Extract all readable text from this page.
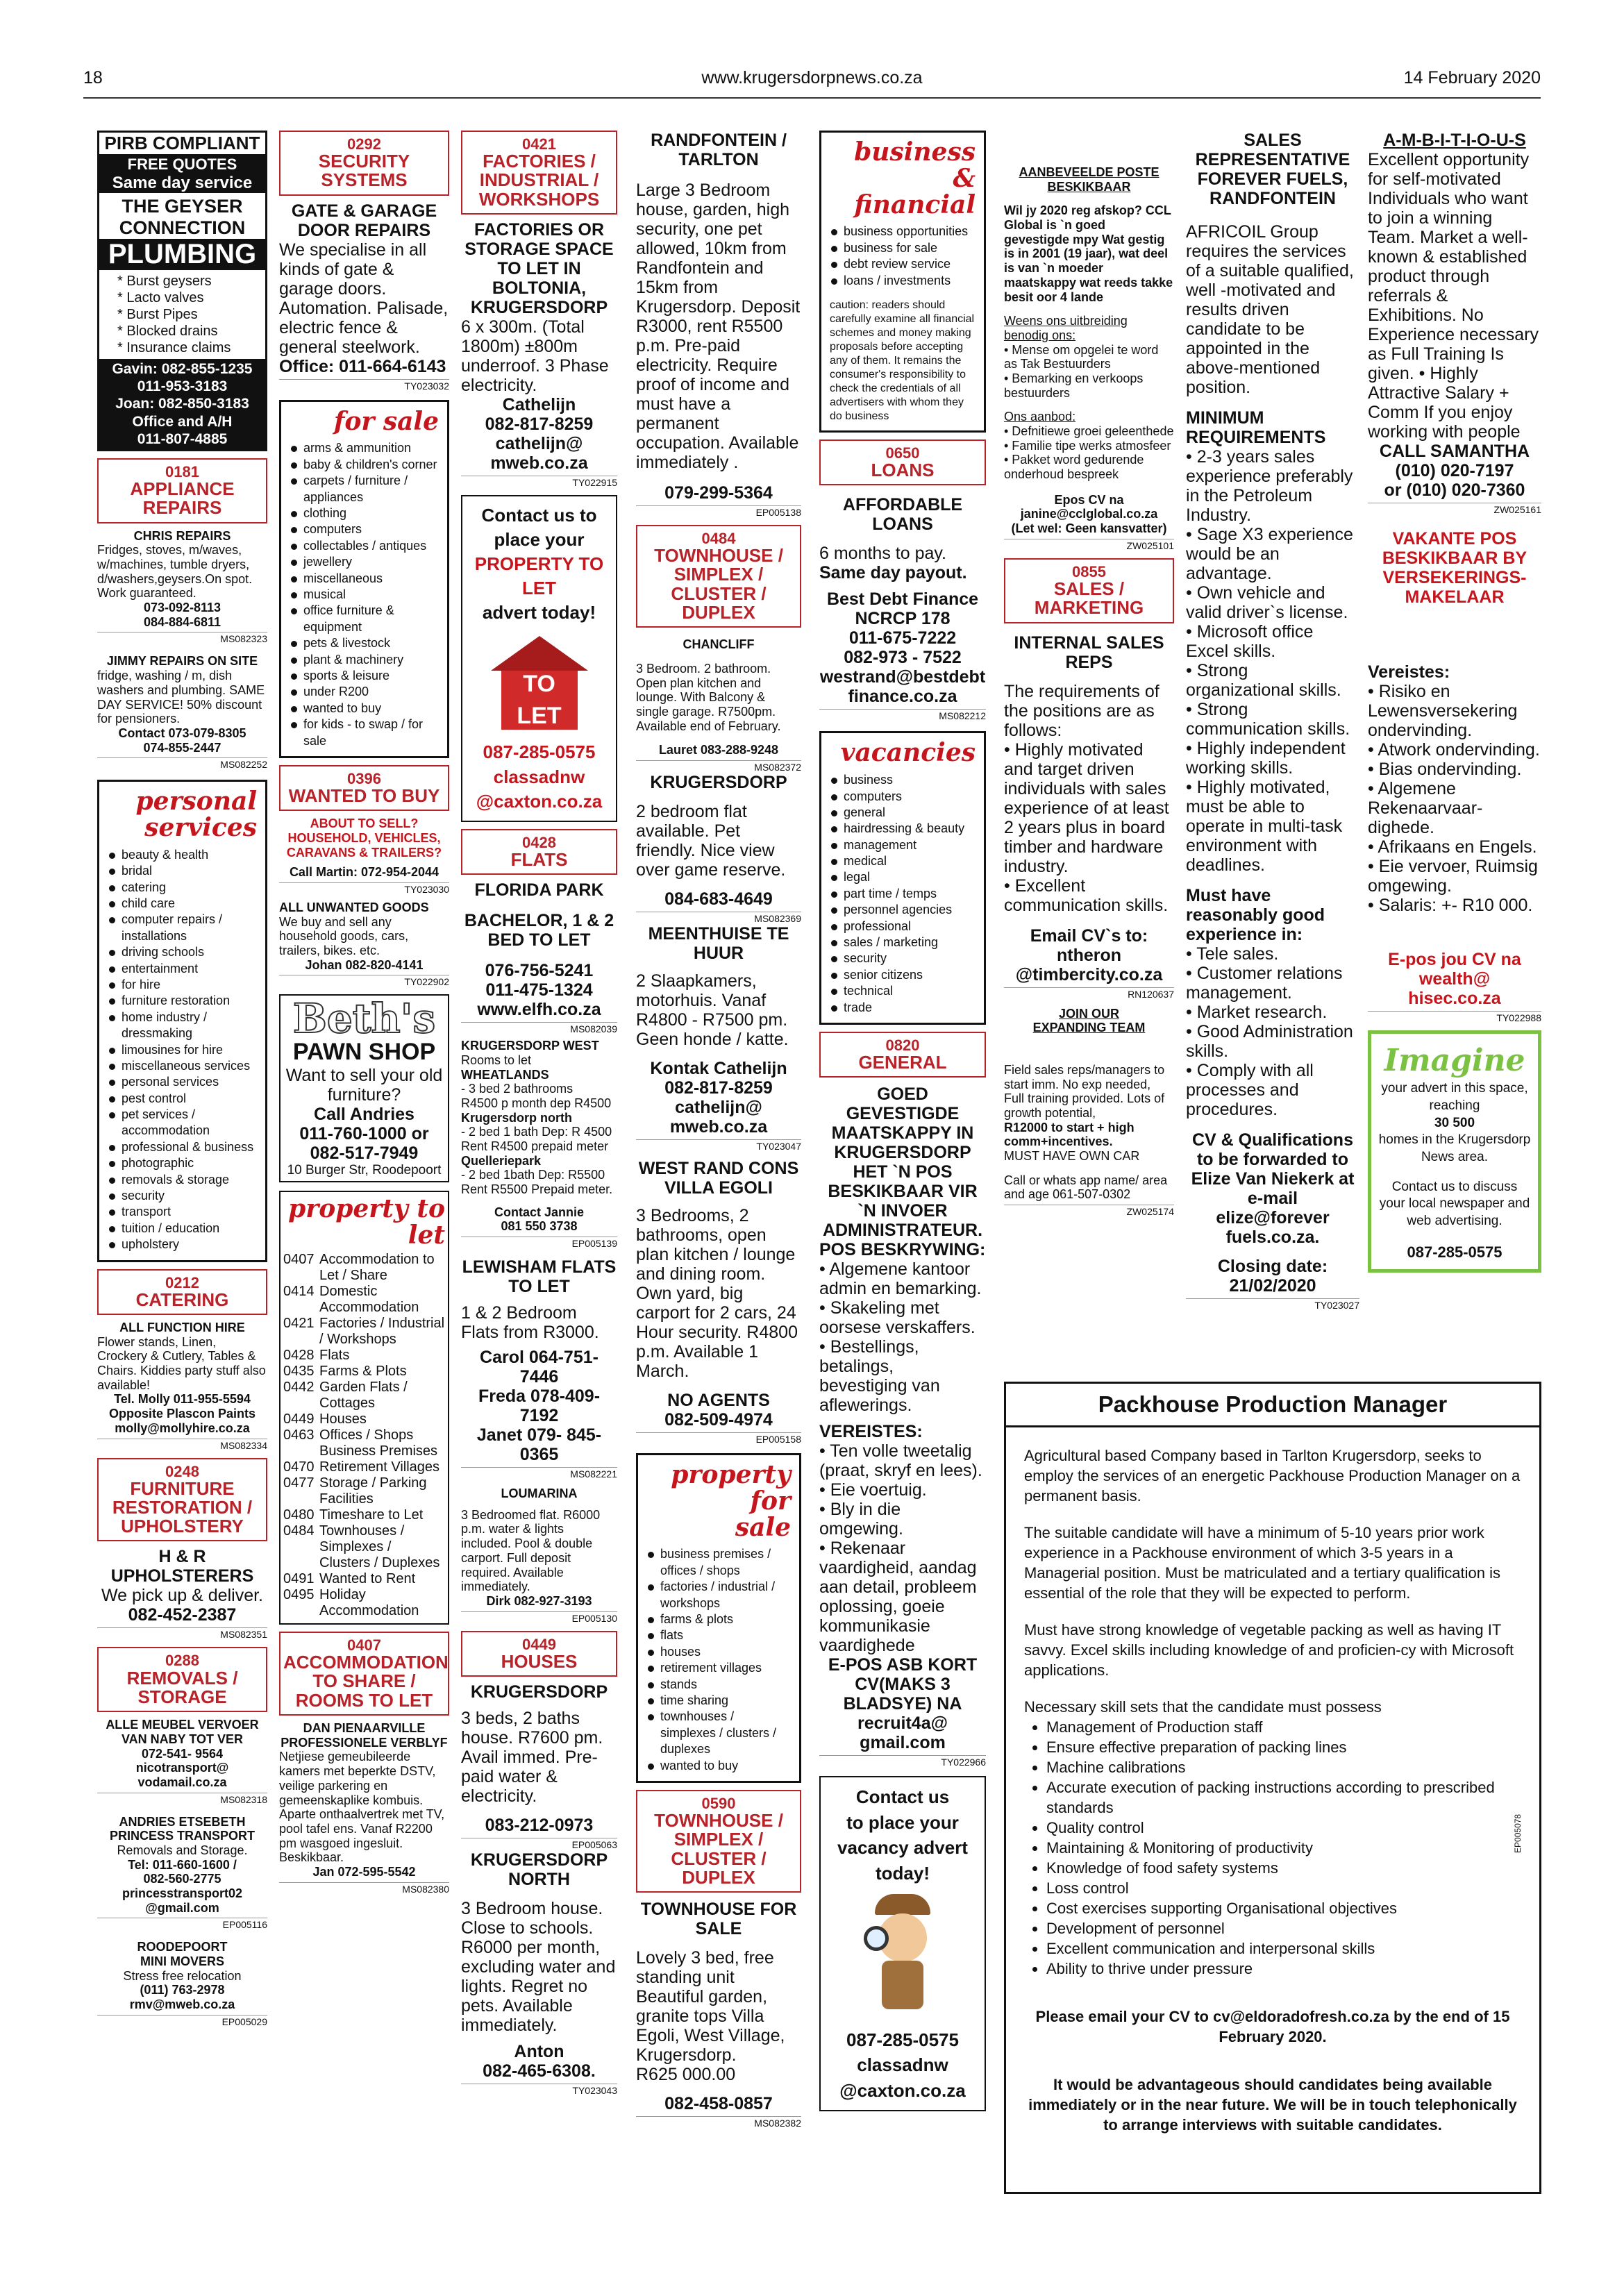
18	www.krugersdorpnews.co.za	14 February 2020
PIRB COMPLIANT
FREE QUOTES
Same day service
THE GEYSER
CONNECTION
PLUMBING
* Burst geysers
* Lacto valves
* Burst Pipes
* Blocked drains
* Insurance claims
Gavin: 082-855-1235
011-953-3183
Joan: 082-850-3183
Office and A/H
011-807-4885
0181
APPLIANCE REPAIRS
CHRIS REPAIRS
Fridges, stoves, m/waves, w/machines, tumble dryers, d/washers,geysers.On spot. Work guaranteed.
073-092-8113
084-884-6811
MS082323
JIMMY REPAIRS ON SITE
fridge, washing / m, dish washers and plumbing. SAME DAY SERVICE! 50% discount for pensioners.
Contact 073-079-8305
074-855-2447
MS082252
personal
services
beauty & health
bridal
catering
child care
computer repairs / installations
driving schools
entertainment
for hire
furniture restoration
home industry / dressmaking
limousines for hire
miscellaneous services
personal services
pest control
pet services / accommodation
professional & business
photographic
removals & storage
security
transport
tuition / education
upholstery
0212
CATERING
ALL FUNCTION HIRE
Flower stands, Linen, Crockery & Cutlery, Tables & Chairs. Kiddies party stuff also available!
Tel. Molly 011-955-5594
Opposite Plascon Paints
molly@mollyhire.co.za
MS082334
0248
FURNITURE RESTORATION / UPHOLSTERY
H & R
UPHOLSTERERS
We pick up & deliver.
082-452-2387
MS082351
0288
REMOVALS / STORAGE
ALLE MEUBEL VERVOER VAN NABY TOT VER
072-541- 9564
nicotransport@
vodamail.co.za
MS082318
ANDRIES ETSEBETH PRINCESS TRANSPORT
Removals and Storage.
Tel: 011-660-1600 /
082-560-2775
princesstransport02
@gmail.com
EP005116
ROODEPOORT
MINI MOVERS
Stress free relocation
(011) 763-2978
rmv@mweb.co.za
EP005029
0292
SECURITY SYSTEMS
GATE & GARAGE DOOR REPAIRS
We specialise in all kinds of gate & garage doors. Automation. Palisade, electric fence & general steelwork.
Office: 011-664-6143
TY023032
for sale
arms & ammunition
baby & children's corner
carpets / furniture / appliances
clothing
computers
collectables / antiques
jewellery
miscellaneous
musical
office furniture & equipment
pets & livestock
plant & machinery
sports & leisure
under R200
wanted to buy
for kids - to swap / for sale
0396
WANTED TO BUY
ABOUT TO SELL? HOUSEHOLD, VEHICLES, CARAVANS & TRAILERS?
Call Martin: 072-954-2044
TY023030
ALL UNWANTED GOODS
We buy and sell any household goods, cars, trailers, bikes. etc.
Johan 082-820-4141
TY022902
Beth's
PAWN SHOP
Want to sell your old furniture?
Call Andries
011-760-1000 or
082-517-7949
10 Burger Str, Roodepoort
property to
let
0407 Accommodation to Let / Share
0414 Domestic Accommodation
0421 Factories / Industrial / Workshops
0428 Flats
0435 Farms & Plots
0442 Garden Flats / Cottages
0449 Houses
0463 Offices / Shops Business Premises
0470 Retirement Villages
0477 Storage / Parking Facilities
0480 Timeshare to Let
0484 Townhouses / Simplexes / Clusters / Duplexes
0491 Wanted to Rent
0495 Holiday Accommodation
0407
ACCOMMODATION TO SHARE / ROOMS TO LET
DAN PIENAARVILLE PROFESSIONELE VERBLYF
Netjiese gemeubileerde kamers met beperkte DSTV, veilige parkering en gemeenskaplike kombuis. Aparte onthaalvertrek met TV, pool tafel ens. Vanaf R2200 pm wasgoed ingesluit. Beskikbaar.
Jan 072-595-5542
MS082380
0421
FACTORIES / INDUSTRIAL / WORKSHOPS
FACTORIES OR STORAGE SPACE TO LET IN BOLTONIA, KRUGERSDORP
6 x 300m. (Total 1800m) ±800m underroof. 3 Phase electricity.
Cathelijn
082-817-8259
cathelijn@
mweb.co.za
TY022915
Contact us to
place your
PROPERTY TO LET
advert today!
TO LET
087-285-0575
classadnw
@caxton.co.za
0428
FLATS
FLORIDA PARK
BACHELOR, 1 & 2 BED TO LET
076-756-5241
011-475-1324
www.elfh.co.za
MS082039
KRUGERSDORP WEST
Rooms to let
WHEATLANDS
- 3 bed 2 bathrooms
R4500 p month dep R4500
Krugersdorp north
- 2 bed 1 bath Dep: R 4500
Rent R4500 prepaid meter
Quelleriepark
- 2 bed 1bath Dep: R5500
Rent R5500 Prepaid meter.
Contact Jannie
081 550 3738
EP005139
LEWISHAM FLATS TO LET
1 & 2 Bedroom Flats from R3000.
Carol 064-751-7446
Freda 078-409-7192
Janet 079- 845-0365
MS082221
LOUMARINA
3 Bedroomed flat. R6000 p.m. water & lights included. Pool & double carport. Full deposit required. Available immediately.
Dirk 082-927-3193
EP005130
0449
HOUSES
KRUGERSDORP
3 beds, 2 baths house. R7600 pm. Avail immed. Pre-paid water & electricity.
083-212-0973
EP005063
KRUGERSDORP NORTH
3 Bedroom house. Close to schools. R6000 per month, excluding water and lights. Regret no pets. Available immediately.
Anton
082-465-6308.
TY023043
RANDFONTEIN / TARLTON
Large 3 Bedroom house, garden, high security, one pet allowed, 10km from Randfontein and 15km from Krugersdorp. Deposit R3000, rent R5500 p.m. Pre-paid electricity. Require proof of income and must have a permanent occupation. Available immediately .
079-299-5364
EP005138
0484
TOWNHOUSE / SIMPLEX / CLUSTER / DUPLEX
CHANCLIFF
3 Bedroom. 2 bathroom. Open plan kitchen and lounge. With Balcony & single garage. R7500pm. Available end of February.
Lauret 083-288-9248
MS082372
KRUGERSDORP
2 bedroom flat available. Pet friendly. Nice view over game reserve.
084-683-4649
MS082369
MEENTHUISE TE HUUR
2 Slaapkamers, motorhuis. Vanaf R4800 - R7500 pm. Geen honde / katte.
Kontak Cathelijn
082-817-8259
cathelijn@
mweb.co.za
TY023047
WEST RAND CONS VILLA EGOLI
3 Bedrooms, 2 bathrooms, open plan kitchen / lounge and dining room. Own yard, big carport for 2 cars, 24 Hour security. R4800 p.m. Available 1 March.
NO AGENTS
082-509-4974
EP005158
property for
sale
business premises / offices / shops
factories / industrial / workshops
farms & plots
flats
houses
retirement villages
stands
time sharing
townhouses / simplexes / clusters / duplexes
wanted to buy
0590
TOWNHOUSE / SIMPLEX / CLUSTER / DUPLEX
TOWNHOUSE FOR SALE
Lovely 3 bed, free standing unit Beautiful garden, granite tops Villa Egoli, West Village, Krugersdorp.
R625 000.00
082-458-0857
MS082382
business &
financial
business opportunities
business for sale
debt review service
loans / investments
caution: readers should carefully examine all financial schemes and money making proposals before accepting any of them. It remains the consumer's responsibility to check the credentials of all advertisers with whom they do business
0650
LOANS
AFFORDABLE LOANS
6 months to pay.
Same day payout.
Best Debt Finance NCRCP 178
011-675-7222
082-973 - 7522
westrand@bestdebt
finance.co.za
MS082212
vacancies
business
computers
general
hairdressing & beauty
management
medical
legal
part time / temps
personnel agencies
professional
sales / marketing
security
senior citizens
technical
trade
0820
GENERAL
GOED GEVESTIGDE MAATSKAPPY IN KRUGERSDORP HET `N POS BESKIKBAAR VIR `N INVOER ADMINISTRATEUR.
POS BESKRYWING:
• Algemene kantoor admin en bemarking.
• Skakeling met oorsese verskaffers.
• Bestellings, betalings, bevestiging van aflewerings.
VEREISTES:
• Ten volle tweetalig (praat, skryf en lees).
• Eie voertuig.
• Bly in die omgewing.
• Rekenaar vaardigheid, aandag aan detail, probleem oplossing, goeie kommunikasie vaardighede
E-POS ASB KORT CV(MAKS 3 BLADSYE) NA
recruit4a@
gmail.com
TY022966
Contact us
to place your
vacancy advert
today!
087-285-0575
classadnw
@caxton.co.za
AANBEVEELDE POSTE BESKIKBAAR
Wil jy 2020 reg afskop? CCL Global is `n goed gevestigde mpy Wat gestig is in 2001 (19 jaar), wat deel is van `n moeder maatskappy wat reeds takke besit oor 4 lande
Weens ons uitbreiding benodig ons:
• Mense om opgelei te word as Tak Bestuurders
• Bemarking en verkoops bestuurders
Ons aanbod:
• Defnitiewe groei geleenthede
• Familie tipe werks atmosfeer
• Pakket word gedurende onderhoud bespreek
Epos CV na
janine@cclglobal.co.za
(Let wel: Geen kansvatter)
ZW025101
0855
SALES / MARKETING
INTERNAL SALES REPS
The requirements of the positions are as follows:
• Highly motivated and target driven individuals with sales experience of at least 2 years plus in board timber and hardware industry.
• Excellent communication skills.
Email CV`s to:
ntheron
@timbercity.co.za
RN120637
JOIN OUR
EXPANDING TEAM
Field sales reps/managers to start imm. No exp needed, Full training provided. Lots of growth potential,
R12000 to start + high comm+incentives.
MUST HAVE OWN CAR
Call or whats app name/ area and age 061-507-0302
ZW025174
SALES REPRESENTATIVE FOREVER FUELS, RANDFONTEIN
AFRICOIL Group requires the services of a suitable qualified, well -motivated and results driven candidate to be appointed in the above-mentioned position.
MINIMUM REQUIREMENTS
• 2-3 years sales experience preferably in the Petroleum Industry.
• Sage X3 experience would be an advantage.
• Own vehicle and valid driver`s license.
• Microsoft office Excel skills.
• Strong organizational skills.
• Strong communication skills.
• Highly independent working skills.
• Highly motivated, must be able to operate in multi-task environment with deadlines.
Must have reasonably good experience in:
• Tele sales.
• Customer relations management.
• Market research.
• Good Administration skills.
• Comply with all processes and procedures.
CV & Qualifications to be forwarded to Elize Van Niekerk at e-mail
elize@forever
fuels.co.za.
Closing date:
21/02/2020
TY023027
A-M-B-I-T-I-O-U-S
Excellent opportunity for self-motivated Individuals who want to join a winning Team. Market a well-known & established product through referrals & Exhibitions. No Experience necessary as Full Training Is given. • Highly Attractive Salary + Comm If you enjoy working with people
CALL SAMANTHA
(010) 020-7197
or (010) 020-7360
ZW025161
VAKANTE POS BESKIKBAAR BY VERSEKERINGS-MAKELAAR
Vereistes:
• Risiko en Lewensversekering ondervinding.
• Atwork ondervinding.
• Bias ondervinding.
• Algemene Rekenaarvaar-dighede.
• Afrikaans en Engels.
• Eie vervoer, Ruimsig omgewing.
• Salaris: +- R10 000.
E-pos jou CV na
wealth@
hisec.co.za
TY022988
Imagine
your advert in this space, reaching
30 500
homes in the Krugersdorp News area.
Contact us to discuss your local newspaper and web advertising.
087-285-0575
Packhouse Production Manager
Agricultural based Company based in Tarlton Krugersdorp, seeks to employ the services of an energetic Packhouse Production Manager on a permanent basis.
The suitable candidate will have a minimum of 5-10 years prior work experience in a Packhouse environment of which 3-5 years in a Managerial position. Must be matriculated and a tertiary qualification is essential of the role that they will be expected to perform.
Must have strong knowledge of vegetable packing as well as having IT savvy. Excel skills including knowledge of and proficien-cy with Microsoft applications.
Necessary skill sets that the candidate must possess
• Management of Production staff
• Ensure effective preparation of packing lines
• Machine calibrations
• Accurate execution of packing instructions according to prescribed standards
• Quality control
• Maintaining & Monitoring of productivity
• Knowledge of food safety systems
• Loss control
• Cost exercises supporting Organisational objectives
• Development of personnel
• Excellent communication and interpersonal skills
• Ability to thrive under pressure
Please email your CV to cv@eldoradofresh.co.za by the end of 15 February 2020.
It would be advantageous should candidates being available immediately or in the near future. We will be in touch telephonically to arrange interviews with suitable candidates.
EP005078
